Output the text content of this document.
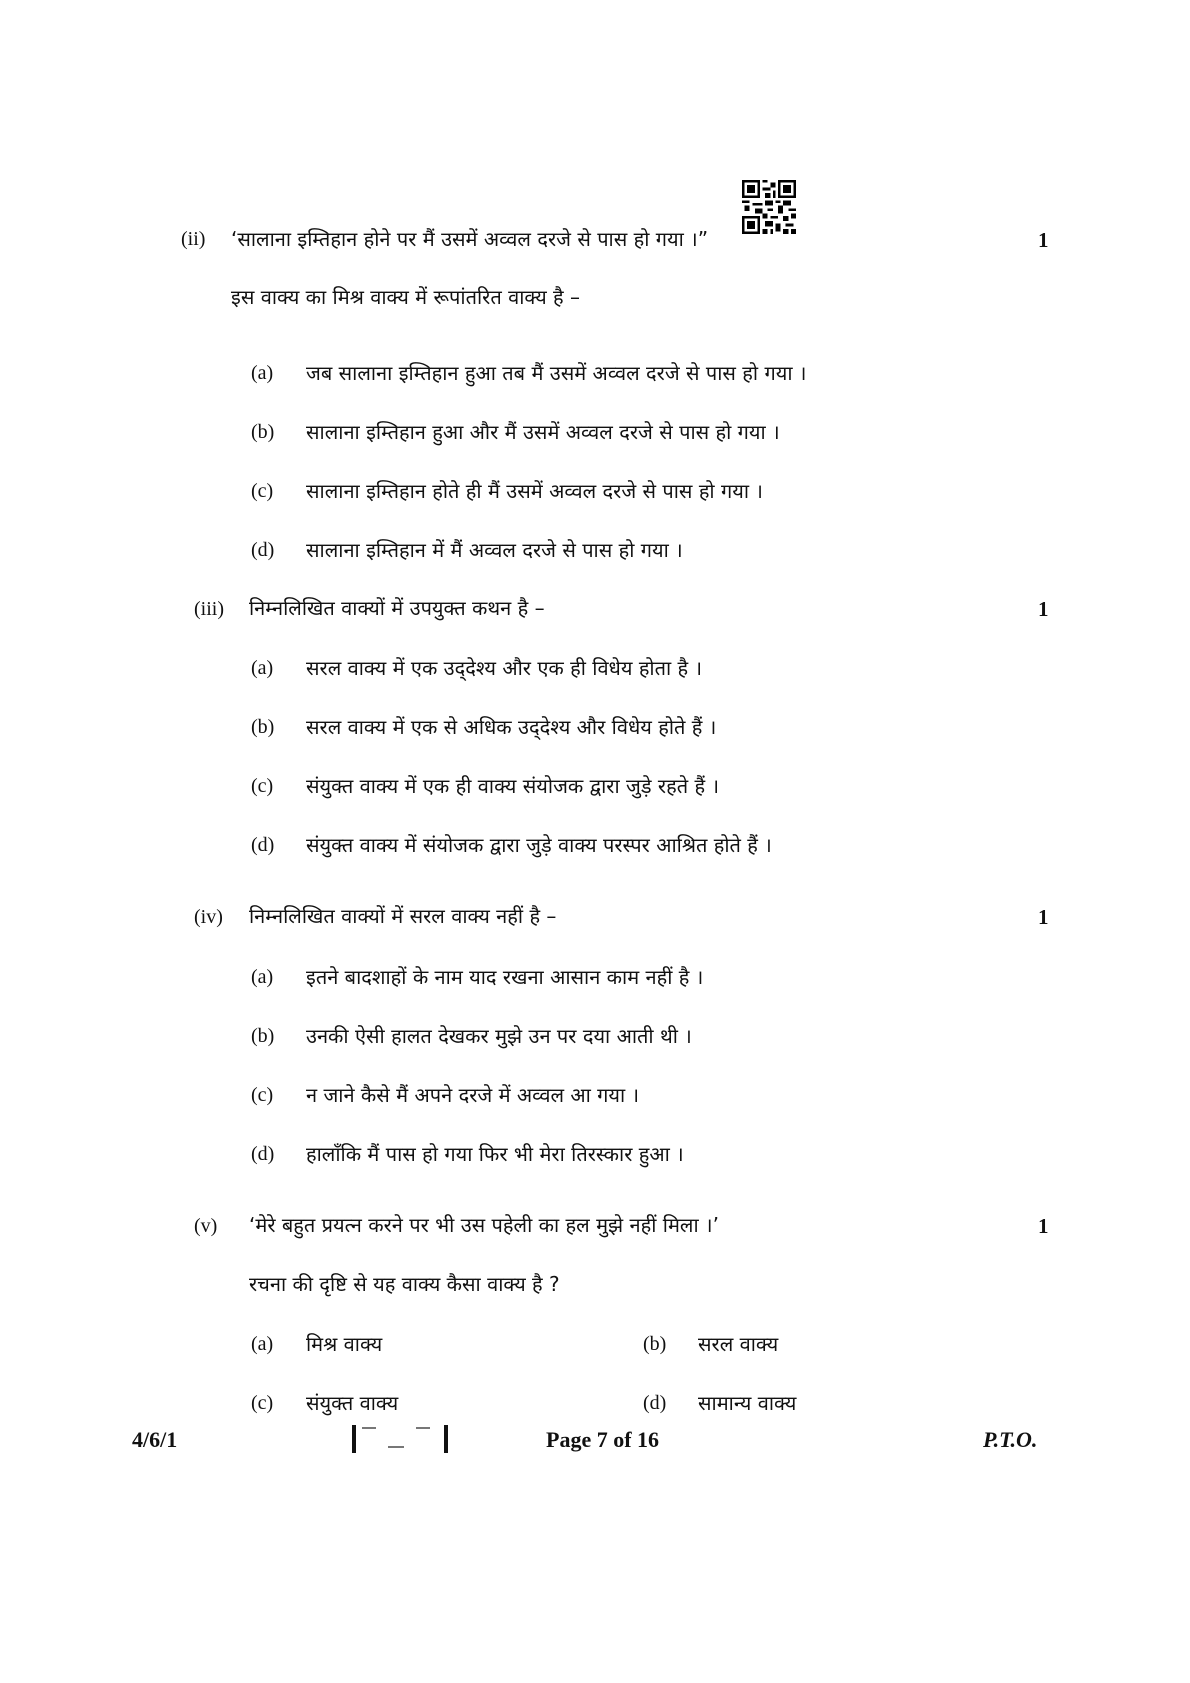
(ii) ‘सालाना इम्तिहान होने पर मैं उसमें अव्वल दरजे से पास हो गया ।”	1
इस वाक्य का मिश्र वाक्य में रूपांतरित वाक्य है –
(a) जब सालाना इम्तिहान हुआ तब मैं उसमें अव्वल दरजे से पास हो गया ।
(b) सालाना इम्तिहान हुआ और मैं उसमें अव्वल दरजे से पास हो गया ।
(c) सालाना इम्तिहान होते ही मैं उसमें अव्वल दरजे से पास हो गया ।
(d) सालाना इम्तिहान में मैं अव्वल दरजे से पास हो गया ।
(iii) निम्नलिखित वाक्यों में उपयुक्त कथन है –	1
(a) सरल वाक्य में एक उद्‌देश्य और एक ही विधेय होता है ।
(b) सरल वाक्य में एक से अधिक उद्‌देश्य और विधेय होते हैं ।
(c) संयुक्त वाक्य में एक ही वाक्य संयोजक द्वारा जुड़े रहते हैं ।
(d) संयुक्त वाक्य में संयोजक द्वारा जुड़े वाक्य परस्पर आश्रित होते हैं ।
(iv) निम्नलिखित वाक्यों में सरल वाक्य नहीं है –	1
(a) इतने बादशाहों के नाम याद रखना आसान काम नहीं है ।
(b) उनकी ऐसी हालत देखकर मुझे उन पर दया आती थी ।
(c) न जाने कैसे मैं अपने दरजे में अव्वल आ गया ।
(d) हालाँकि मैं पास हो गया फिर भी मेरा तिरस्कार हुआ ।
(v) ‘मेरे बहुत प्रयत्न करने पर भी उस पहेली का हल मुझे नहीं मिला ।’	1
रचना की दृष्टि से यह वाक्य कैसा वाक्य है ?
(a) मिश्र वाक्य	(b) सरल वाक्य
(c) संयुक्त वाक्य	(d) सामान्य वाक्य
4/6/1	Page 7 of 16	P.T.O.
